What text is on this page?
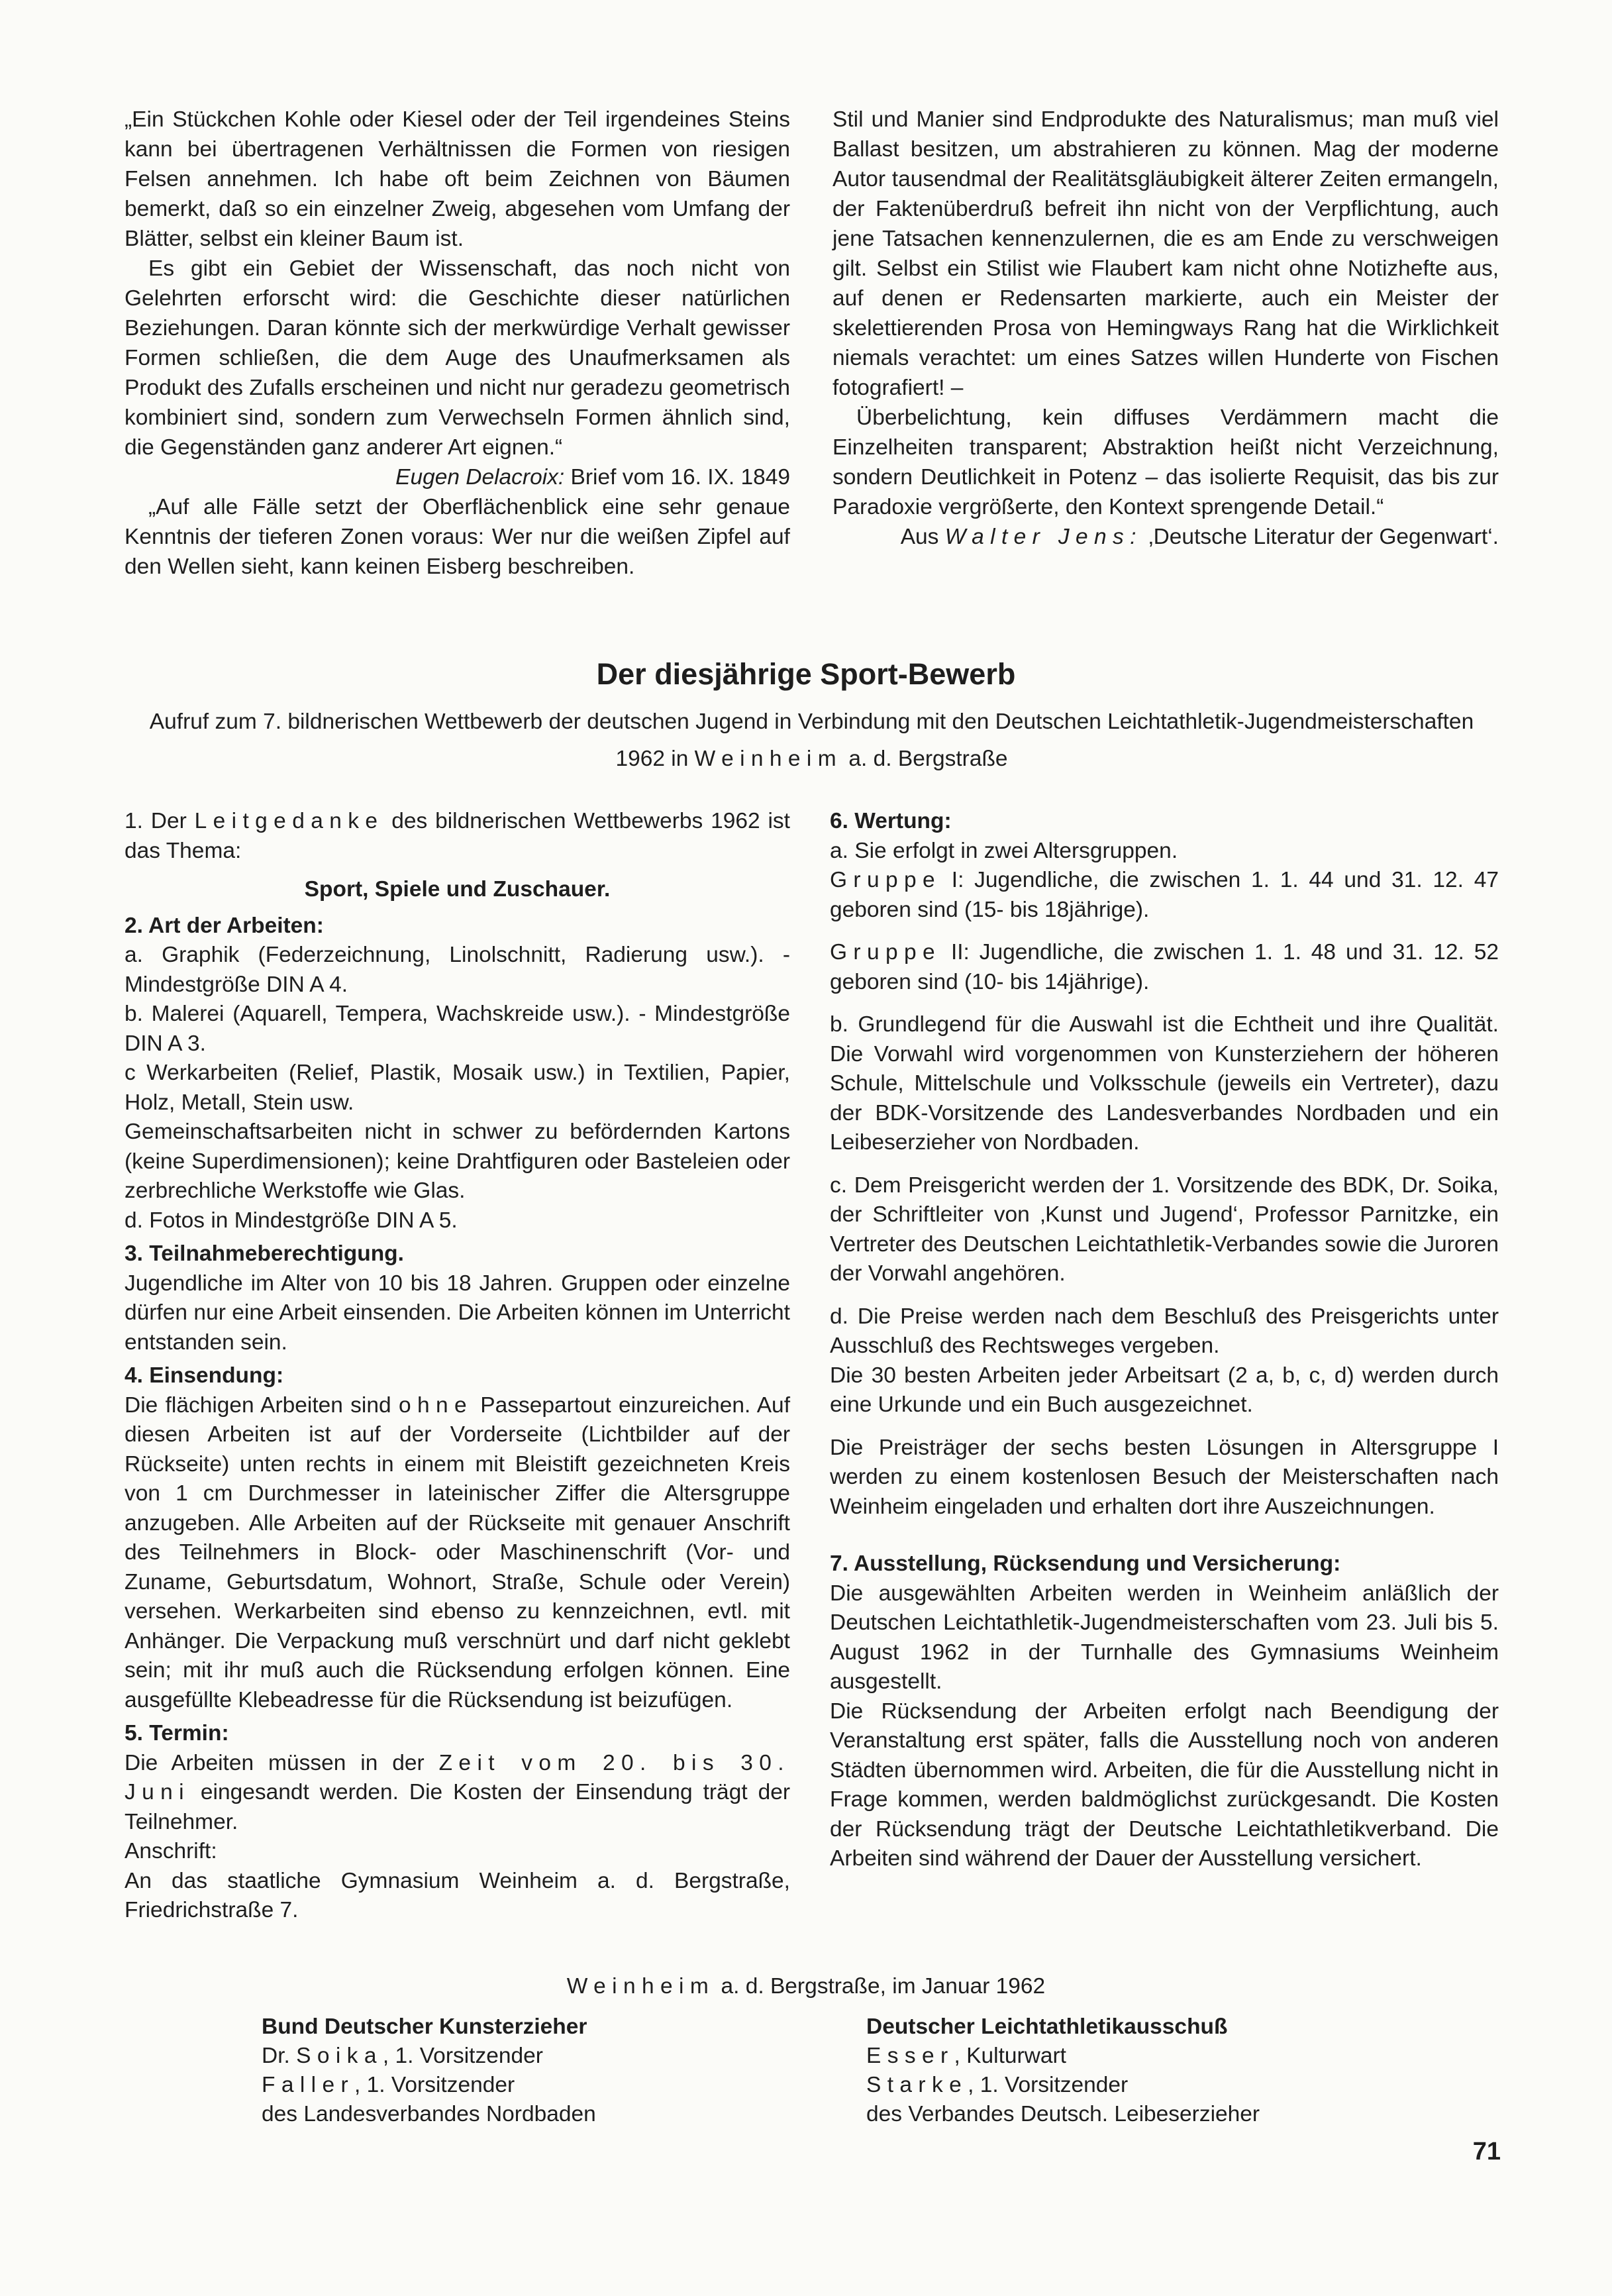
„Ein Stückchen Kohle oder Kiesel oder der Teil irgendeines Steins kann bei übertragenen Verhältnissen die Formen von riesigen Felsen annehmen. Ich habe oft beim Zeichnen von Bäumen bemerkt, daß so ein einzelner Zweig, abgesehen vom Umfang der Blätter, selbst ein kleiner Baum ist.

Es gibt ein Gebiet der Wissenschaft, das noch nicht von Gelehrten erforscht wird: die Geschichte dieser natürlichen Beziehungen. Daran könnte sich der merkwürdige Verhalt gewisser Formen schließen, die dem Auge des Unaufmerksamen als Produkt des Zufalls erscheinen und nicht nur geradezu geometrisch kombiniert sind, sondern zum Verwechseln Formen ähnlich sind, die Gegenständen ganz anderer Art eignen.“

Eugen Delacroix: Brief vom 16. IX. 1849

„Auf alle Fälle setzt der Oberflächenblick eine sehr genaue Kenntnis der tieferen Zonen voraus: Wer nur die weißen Zipfel auf den Wellen sieht, kann keinen Eisberg beschreiben.

Stil und Manier sind Endprodukte des Naturalismus; man muß viel Ballast besitzen, um abstrahieren zu können. Mag der moderne Autor tausendmal der Realitätsgläubigkeit älterer Zeiten ermangeln, der Faktenüberdruß befreit ihn nicht von der Verpflichtung, auch jene Tatsachen kennenzulernen, die es am Ende zu verschweigen gilt. Selbst ein Stilist wie Flaubert kam nicht ohne Notizhefte aus, auf denen er Redensarten markierte, auch ein Meister der skelettierenden Prosa von Hemingways Rang hat die Wirklichkeit niemals verachtet: um eines Satzes willen Hunderte von Fischen fotografiert! –

Überbelichtung, kein diffuses Verdämmern macht die Einzelheiten transparent; Abstraktion heißt nicht Verzeichnung, sondern Deutlichkeit in Potenz – das isolierte Requisit, das bis zur Paradoxie vergrößerte, den Kontext sprengende Detail.“

Aus Walter Jens: ‚Deutsche Literatur der Gegenwart‘.

Der diesjährige Sport-Bewerb

Aufruf zum 7. bildnerischen Wettbewerb der deutschen Jugend in Verbindung mit den Deutschen Leichtathletik-Jugendmeisterschaften 1962 in Weinheim a. d. Bergstraße

1. Der Leitgedanke des bildnerischen Wettbewerbs 1962 ist das Thema:

Sport, Spiele und Zuschauer.

2. Art der Arbeiten:

a. Graphik (Federzeichnung, Linolschnitt, Radierung usw.). - Mindestgröße DIN A 4.

b. Malerei (Aquarell, Tempera, Wachskreide usw.). - Mindestgröße DIN A 3.

c Werkarbeiten (Relief, Plastik, Mosaik usw.) in Textilien, Papier, Holz, Metall, Stein usw.

Gemeinschaftsarbeiten nicht in schwer zu befördernden Kartons (keine Superdimensionen); keine Drahtfiguren oder Basteleien oder zerbrechliche Werkstoffe wie Glas.

d. Fotos in Mindestgröße DIN A 5.

3. Teilnahmeberechtigung.

Jugendliche im Alter von 10 bis 18 Jahren. Gruppen oder einzelne dürfen nur eine Arbeit einsenden. Die Arbeiten können im Unterricht entstanden sein.

4. Einsendung:

Die flächigen Arbeiten sind ohne Passepartout einzureichen. Auf diesen Arbeiten ist auf der Vorderseite (Lichtbilder auf der Rückseite) unten rechts in einem mit Bleistift gezeichneten Kreis von 1 cm Durchmesser in lateinischer Ziffer die Altersgruppe anzugeben. Alle Arbeiten auf der Rückseite mit genauer Anschrift des Teilnehmers in Block- oder Maschinenschrift (Vor- und Zuname, Geburtsdatum, Wohnort, Straße, Schule oder Verein) versehen. Werkarbeiten sind ebenso zu kennzeichnen, evtl. mit Anhänger. Die Verpackung muß verschnürt und darf nicht geklebt sein; mit ihr muß auch die Rücksendung erfolgen können. Eine ausgefüllte Klebeadresse für die Rücksendung ist beizufügen.

5. Termin:

Die Arbeiten müssen in der Zeit vom 20. bis 30. Juni eingesandt werden. Die Kosten der Einsendung trägt der Teilnehmer.

Anschrift:

An das staatliche Gymnasium Weinheim a. d. Bergstraße, Friedrichstraße 7.

6. Wertung:

a. Sie erfolgt in zwei Altersgruppen.

Gruppe I: Jugendliche, die zwischen 1. 1. 44 und 31. 12. 47 geboren sind (15- bis 18jährige).

Gruppe II: Jugendliche, die zwischen 1. 1. 48 und 31. 12. 52 geboren sind (10- bis 14jährige).

b. Grundlegend für die Auswahl ist die Echtheit und ihre Qualität. Die Vorwahl wird vorgenommen von Kunsterziehern der höheren Schule, Mittelschule und Volksschule (jeweils ein Vertreter), dazu der BDK-Vorsitzende des Landesverbandes Nordbaden und ein Leibeserzieher von Nordbaden.

c. Dem Preisgericht werden der 1. Vorsitzende des BDK, Dr. Soika, der Schriftleiter von ‚Kunst und Jugend‘, Professor Parnitzke, ein Vertreter des Deutschen Leichtathletik-Verbandes sowie die Juroren der Vorwahl angehören.

d. Die Preise werden nach dem Beschluß des Preisgerichts unter Ausschluß des Rechtsweges vergeben.

Die 30 besten Arbeiten jeder Arbeitsart (2 a, b, c, d) werden durch eine Urkunde und ein Buch ausgezeichnet.

Die Preisträger der sechs besten Lösungen in Altersgruppe I werden zu einem kostenlosen Besuch der Meisterschaften nach Weinheim eingeladen und erhalten dort ihre Auszeichnungen.

7. Ausstellung, Rücksendung und Versicherung:

Die ausgewählten Arbeiten werden in Weinheim anläßlich der Deutschen Leichtathletik-Jugendmeisterschaften vom 23. Juli bis 5. August 1962 in der Turnhalle des Gymnasiums Weinheim ausgestellt.

Die Rücksendung der Arbeiten erfolgt nach Beendigung der Veranstaltung erst später, falls die Ausstellung noch von anderen Städten übernommen wird. Arbeiten, die für die Ausstellung nicht in Frage kommen, werden baldmöglichst zurückgesandt. Die Kosten der Rücksendung trägt der Deutsche Leichtathletikverband. Die Arbeiten sind während der Dauer der Ausstellung versichert.

Weinheim a. d. Bergstraße, im Januar 1962

Bund Deutscher Kunsterzieher

Dr. Soika, 1. Vorsitzender

Faller, 1. Vorsitzender

des Landesverbandes Nordbaden

Deutscher Leichtathletikausschuß

Esser, Kulturwart

Starke, 1. Vorsitzender

des Verbandes Deutsch. Leibeserzieher

71
